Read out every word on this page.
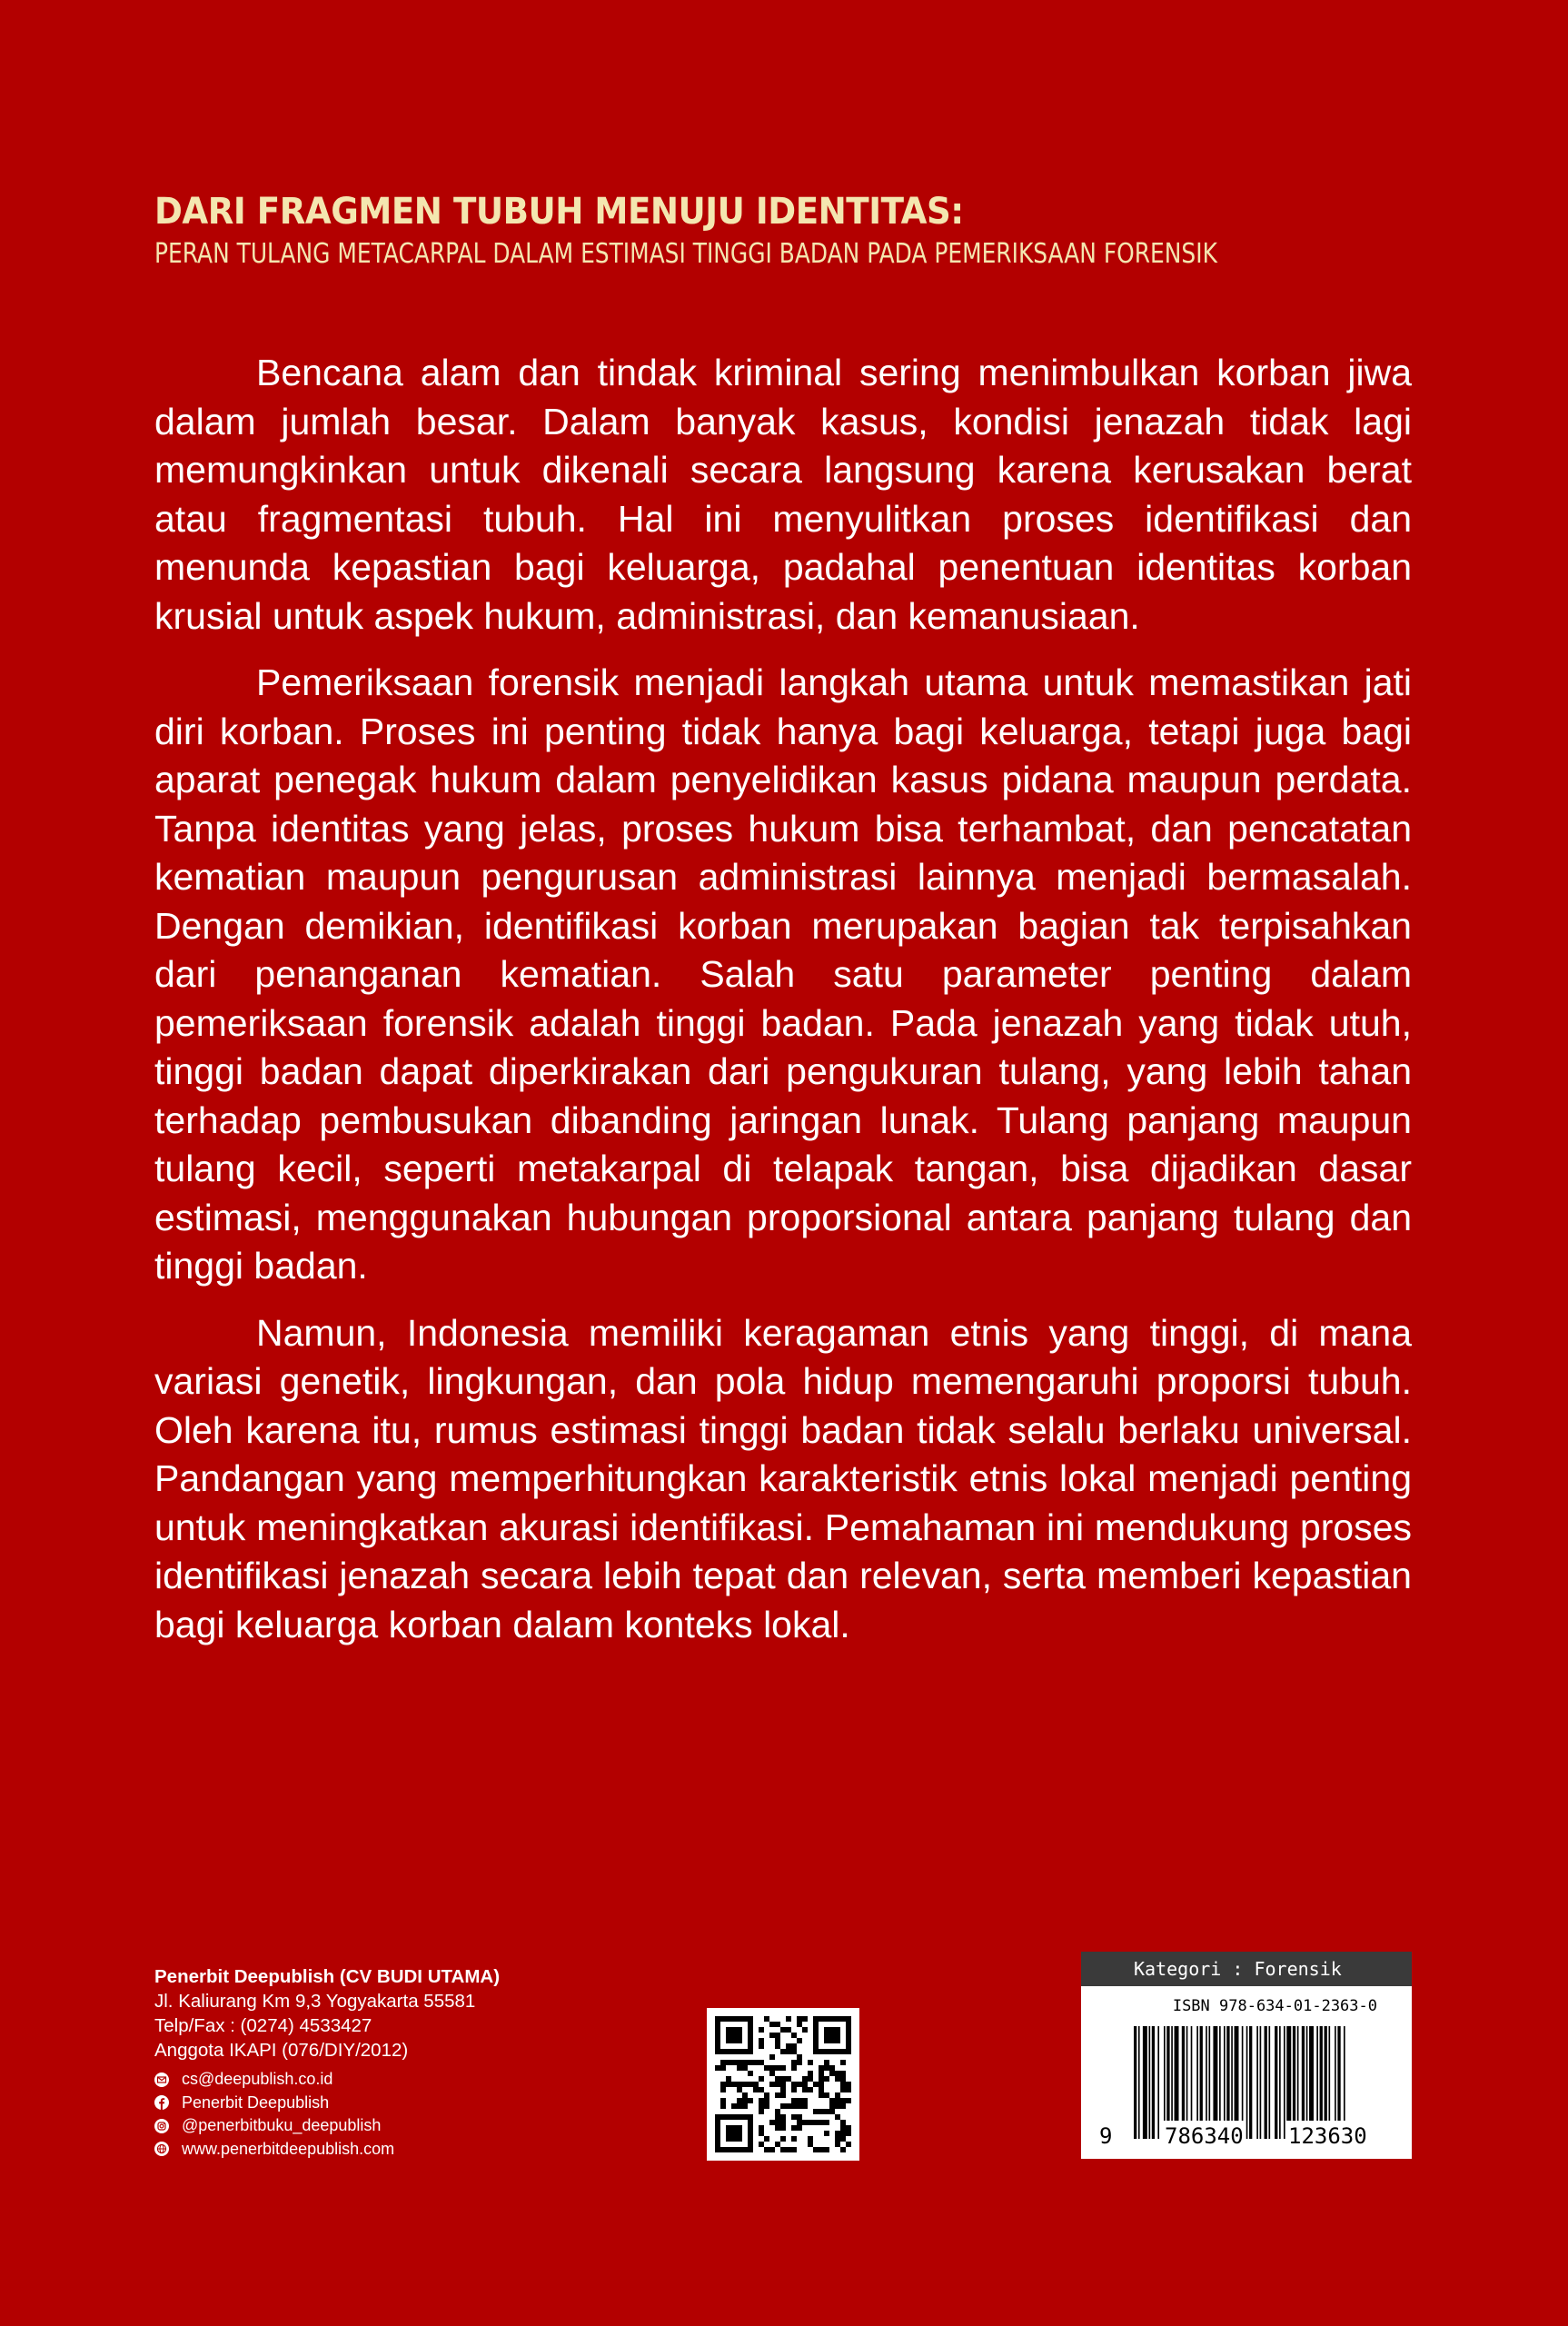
DARI FRAGMEN TUBUH MENUJU IDENTITAS:
PERAN TULANG METACARPAL DALAM ESTIMASI TINGGI BADAN PADA PEMERIKSAAN FORENSIK

Bencana alam dan tindak kriminal sering menimbulkan korban jiwa dalam jumlah besar. Dalam banyak kasus, kondisi jenazah tidak lagi memungkinkan untuk dikenali secara langsung karena kerusakan berat atau fragmentasi tubuh. Hal ini menyulitkan proses identifikasi dan menunda kepastian bagi keluarga, padahal penentuan identitas korban krusial untuk aspek hukum, administrasi, dan kemanusiaan.

Pemeriksaan forensik menjadi langkah utama untuk memastikan jati diri korban. Proses ini penting tidak hanya bagi keluarga, tetapi juga bagi aparat penegak hukum dalam penyelidikan kasus pidana maupun perdata. Tanpa identitas yang jelas, proses hukum bisa terhambat, dan pencatatan kematian maupun pengurusan administrasi lainnya menjadi bermasalah. Dengan demikian, identifikasi korban merupakan bagian tak terpisahkan dari penanganan kematian. Salah satu parameter penting dalam pemeriksaan forensik adalah tinggi badan. Pada jenazah yang tidak utuh, tinggi badan dapat diperkirakan dari pengukuran tulang, yang lebih tahan terhadap pembusukan dibanding jaringan lunak. Tulang panjang maupun tulang kecil, seperti metakarpal di telapak tangan, bisa dijadikan dasar estimasi, menggunakan hubungan proporsional antara panjang tulang dan tinggi badan.

Namun, Indonesia memiliki keragaman etnis yang tinggi, di mana variasi genetik, lingkungan, dan pola hidup memengaruhi proporsi tubuh. Oleh karena itu, rumus estimasi tinggi badan tidak selalu berlaku universal. Pandangan yang memperhitungkan karakteristik etnis lokal menjadi penting untuk meningkatkan akurasi identifikasi. Pemahaman ini mendukung proses identifikasi jenazah secara lebih tepat dan relevan, serta memberi kepastian bagi keluarga korban dalam konteks lokal.

Penerbit Deepublish (CV BUDI UTAMA)
Jl. Kaliurang Km 9,3 Yogyakarta 55581
Telp/Fax : (0274) 4533427
Anggota IKAPI (076/DIY/2012)
cs@deepublish.co.id
Penerbit Deepublish
@penerbitbuku_deepublish
www.penerbitdeepublish.com
Kategori : Forensik
ISBN 978-634-01-2363-0
9 786340 123630
